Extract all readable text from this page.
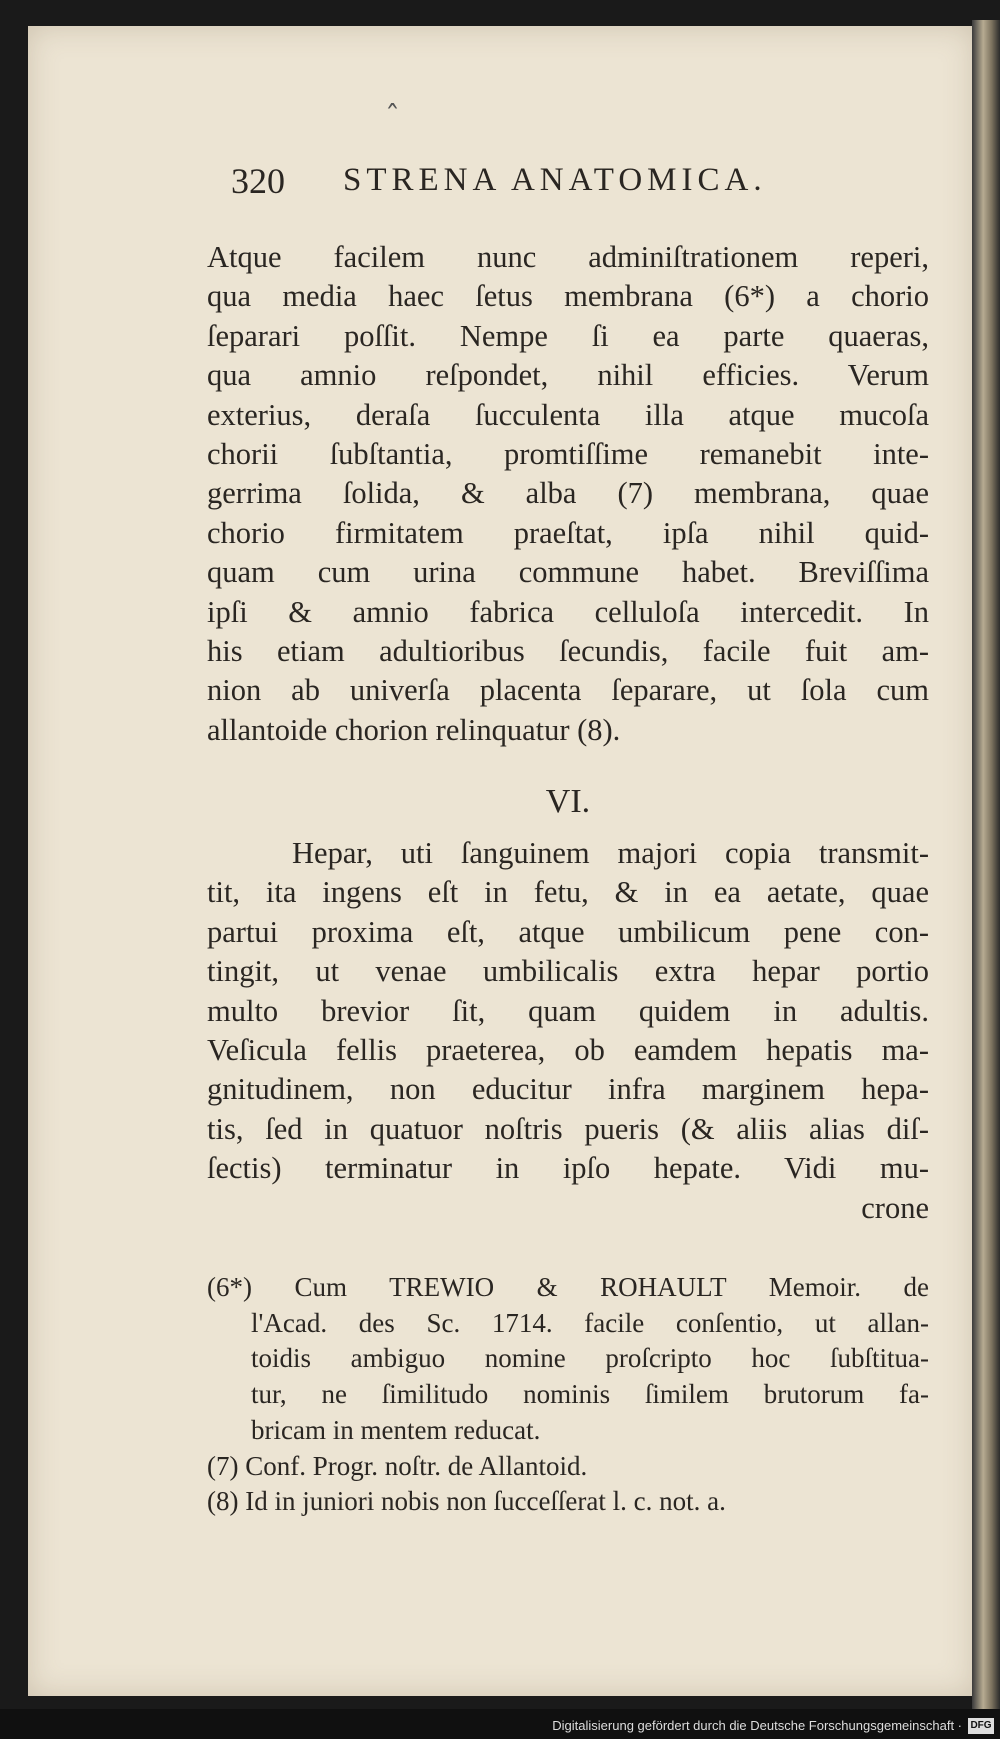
ˆ
320 STRENA ANATOMICA.
Atque facilem nunc adminiſtrationem reperi,
qua media haec ſetus membrana (6*) a chorio
ſeparari poſſit. Nempe ſi ea parte quaeras,
qua amnio reſpondet, nihil efficies. Verum
exterius, deraſa ſucculenta illa atque mucoſa
chorii ſubſtantia, promtiſſime remanebit inte-
gerrima ſolida, & alba (7) membrana, quae
chorio firmitatem praeſtat, ipſa nihil quid-
quam cum urina commune habet. Breviſſima
ipſi & amnio fabrica celluloſa intercedit. In
his etiam adultioribus ſecundis, facile fuit am-
nion ab univerſa placenta ſeparare, ut ſola cum
allantoide chorion relinquatur (8).
VI.
Hepar, uti ſanguinem majori copia transmit-
tit, ita ingens eſt in fetu, & in ea aetate, quae
partui proxima eſt, atque umbilicum pene con-
tingit, ut venae umbilicalis extra hepar portio
multo brevior ſit, quam quidem in adultis.
Veſicula fellis praeterea, ob eamdem hepatis ma-
gnitudinem, non educitur infra marginem hepa-
tis, ſed in quatuor noſtris pueris (& aliis alias diſ-
ſectis) terminatur in ipſo hepate. Vidi mu-
crone
(6*) Cum TREWIO & ROHAULT Memoir. de
l'Acad. des Sc. 1714. facile conſentio, ut allan-
toidis ambiguo nomine proſcripto hoc ſubſtitua-
tur, ne ſimilitudo nominis ſimilem brutorum fa-
bricam in mentem reducat.
(7) Conf. Progr. noſtr. de Allantoid.
(8) Id in juniori nobis non ſucceſſerat l. c. not. a.
Digitalisierung gefördert durch die Deutsche Forschungsgemeinschaft · DFG
